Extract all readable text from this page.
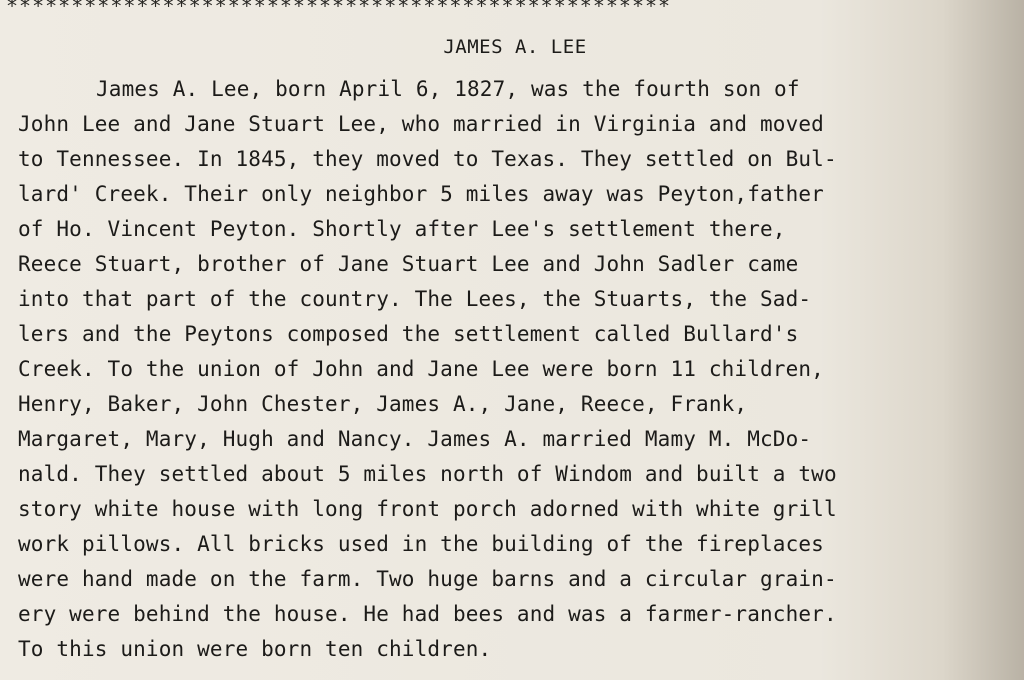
***************************************************
JAMES A. LEE
James A. Lee, born April 6, 1827, was the fourth son of
John Lee and Jane Stuart Lee, who married in Virginia and moved
to Tennessee. In 1845, they moved to Texas. They settled on Bul-
lard' Creek. Their only neighbor 5 miles away was Peyton,father
of Ho. Vincent Peyton. Shortly after Lee's settlement there,
Reece Stuart, brother of Jane Stuart Lee and John Sadler came
into that part of the country. The Lees, the Stuarts, the Sad-
lers and the Peytons composed the settlement called Bullard's
Creek. To the union of John and Jane Lee were born 11 children,
Henry, Baker, John Chester, James A., Jane, Reece, Frank,
Margaret, Mary, Hugh and Nancy. James A. married Mamy M. McDo-
nald. They settled about 5 miles north of Windom and built a two
story white house with long front porch adorned with white grill
work pillows. All bricks used in the building of the fireplaces
were hand made on the farm. Two huge barns and a circular grain-
ery were behind the house. He had bees and was a farmer-rancher.
To this union were born ten children.
